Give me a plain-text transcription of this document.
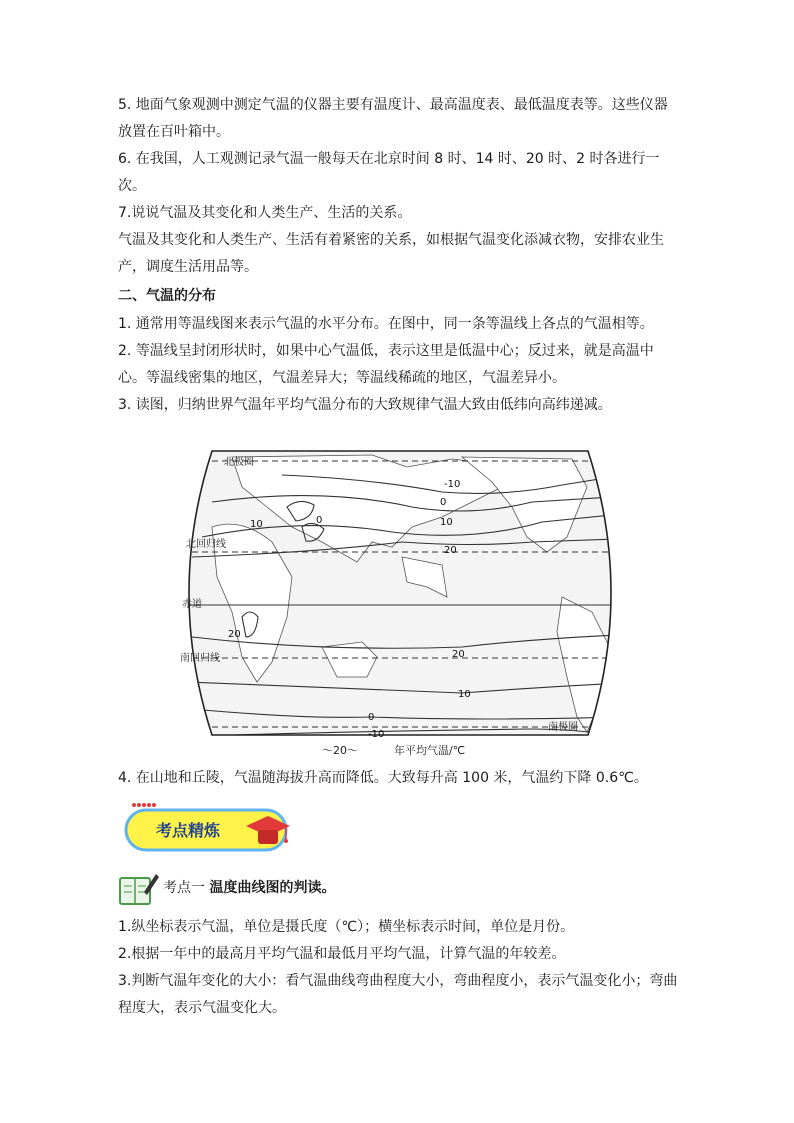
5. 地面气象观测中测定气温的仪器主要有温度计、最高温度表、最低温度表等。这些仪器放置在百叶箱中。

6. 在我国，人工观测记录气温一般每天在北京时间 8 时、14 时、20 时、2 时各进行一次。

7.说说气温及其变化和人类生产、生活的关系。

气温及其变化和人类生产、生活有着紧密的关系，如根据气温变化添减衣物，安排农业生产，调度生活用品等。

二、气温的分布

1. 通常用等温线图来表示气温的水平分布。在图中，同一条等温线上各点的气温相等。

2. 等温线呈封闭形状时，如果中心气温低，表示这里是低温中心；反过来，就是高温中心。等温线密集的地区，气温差异大；等温线稀疏的地区，气温差异小。

3. 读图，归纳世界气温年平均气温分布的大致规律气温大致由低纬向高纬递减。

北极圈
北回归线
赤道
南回归线
南极圈
-10
0
10
20
20
10
0
-10
10	0
20
～20～	年平均气温/℃

4. 在山地和丘陵，气温随海拔升高而降低。大致每升高 100 米，气温约下降 0.6℃。

考点精炼
考点一 温度曲线图的判读。

1.纵坐标表示气温，单位是摄氏度（℃）；横坐标表示时间，单位是月份。

2.根据一年中的最高月平均气温和最低月平均气温，计算气温的年较差。

3.判断气温年变化的大小：看气温曲线弯曲程度大小，弯曲程度小，表示气温变化小；弯曲程度大，表示气温变化大。
